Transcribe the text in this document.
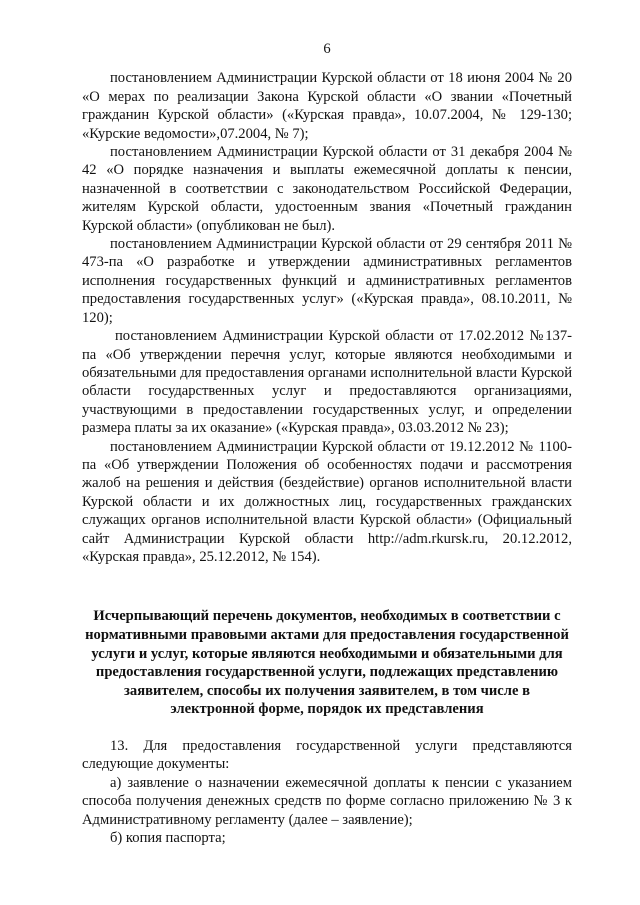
6

постановлением Администрации Курской области от 18 июня 2004 № 20 «О мерах по реализации Закона Курской области «О звании «Почетный гражданин Курской области» («Курская правда», 10.07.2004, № 129-130; «Курские ведомости»,07.2004, № 7);

постановлением Администрации Курской области от 31 декабря 2004 № 42 «О порядке назначения и выплаты ежемесячной доплаты к пенсии, назначенной в соответствии с законодательством Российской Федерации, жителям Курской области, удостоенным звания «Почетный гражданин Курской области» (опубликован не был).

постановлением Администрации Курской области от 29 сентября 2011 № 473-па «О разработке и утверждении административных регламентов исполнения государственных функций и административных регламентов предоставления государственных услуг» («Курская правда», 08.10.2011, № 120);

постановлением Администрации Курской области от 17.02.2012 №137-па «Об утверждении перечня услуг, которые являются необходимыми и обязательными для предоставления органами исполнительной власти Курской области государственных услуг и предоставляются организациями, участвующими в предоставлении государственных услуг, и определении размера платы за их оказание» («Курская правда», 03.03.2012 № 23);

постановлением Администрации Курской области от 19.12.2012 № 1100-па «Об утверждении Положения об особенностях подачи и рассмотрения жалоб на решения и действия (бездействие) органов исполнительной власти Курской области и их должностных лиц, государственных гражданских служащих органов исполнительной власти Курской области» (Официальный сайт Администрации Курской области http://adm.rkursk.ru, 20.12.2012, «Курская правда», 25.12.2012, № 154).

Исчерпывающий перечень документов, необходимых в соответствии с нормативными правовыми актами для предоставления государственной услуги и услуг, которые являются необходимыми и обязательными для предоставления государственной услуги, подлежащих представлению заявителем, способы их получения заявителем, в том числе в электронной форме, порядок их представления

13. Для предоставления государственной услуги представляются следующие документы:

а) заявление о назначении ежемесячной доплаты к пенсии с указанием способа получения денежных средств по форме согласно приложению № 3 к Административному регламенту (далее – заявление);

б) копия паспорта;
